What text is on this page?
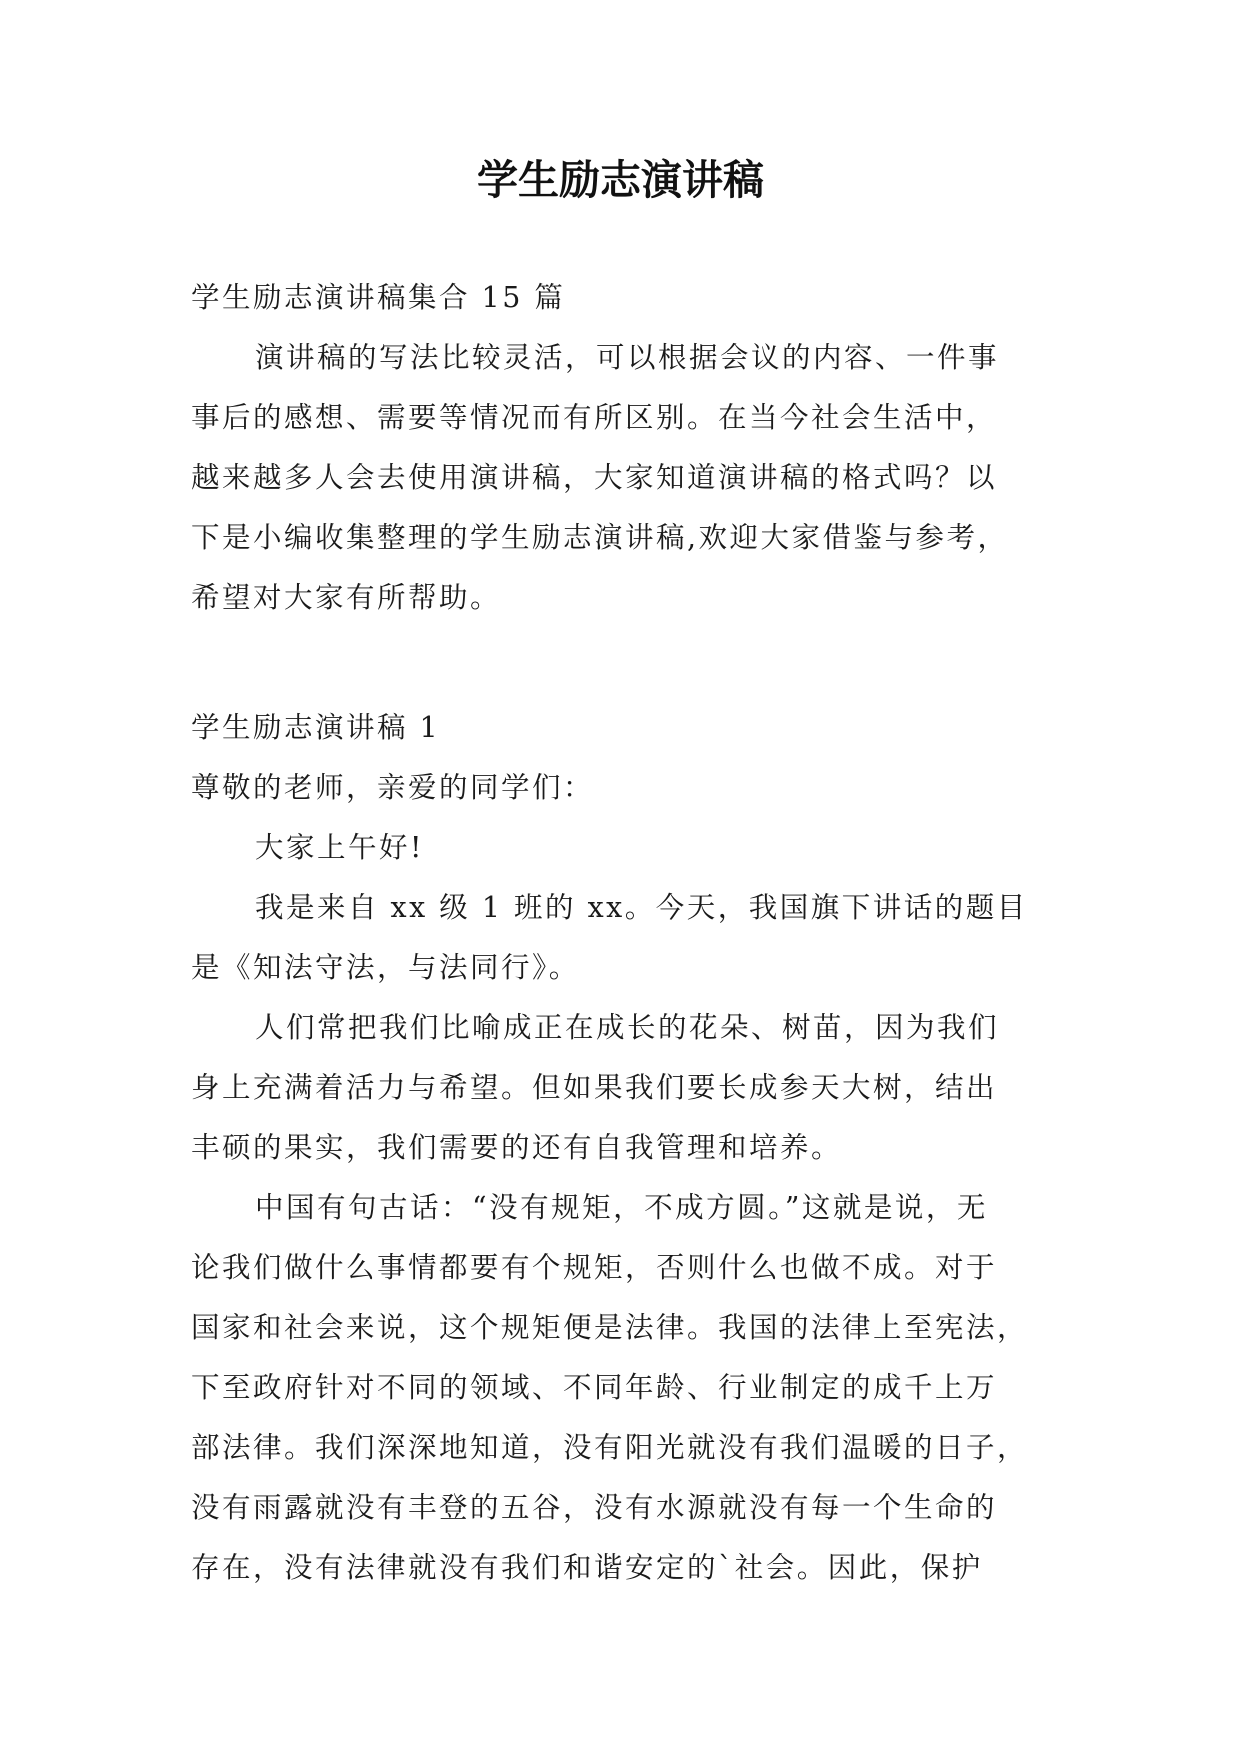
学生励志演讲稿
学生励志演讲稿集合 15 篇
演讲稿的写法比较灵活，可以根据会议的内容、一件事
事后的感想、需要等情况而有所区别。在当今社会生活中，
越来越多人会去使用演讲稿，大家知道演讲稿的格式吗？以
下是小编收集整理的学生励志演讲稿,欢迎大家借鉴与参考，
希望对大家有所帮助。
学生励志演讲稿 1
尊敬的老师，亲爱的同学们：
大家上午好!
我是来自 xx 级 1 班的 xx。今天，我国旗下讲话的题目
是《知法守法，与法同行》。
人们常把我们比喻成正在成长的花朵、树苗，因为我们
身上充满着活力与希望。但如果我们要长成参天大树，结出
丰硕的果实，我们需要的还有自我管理和培养。
中国有句古话：“没有规矩，不成方圆。”这就是说，无
论我们做什么事情都要有个规矩，否则什么也做不成。对于
国家和社会来说，这个规矩便是法律。我国的法律上至宪法，
下至政府针对不同的领域、不同年龄、行业制定的成千上万
部法律。我们深深地知道，没有阳光就没有我们温暖的日子，
没有雨露就没有丰登的五谷，没有水源就没有每一个生命的
存在，没有法律就没有我们和谐安定的`社会。因此，保护
